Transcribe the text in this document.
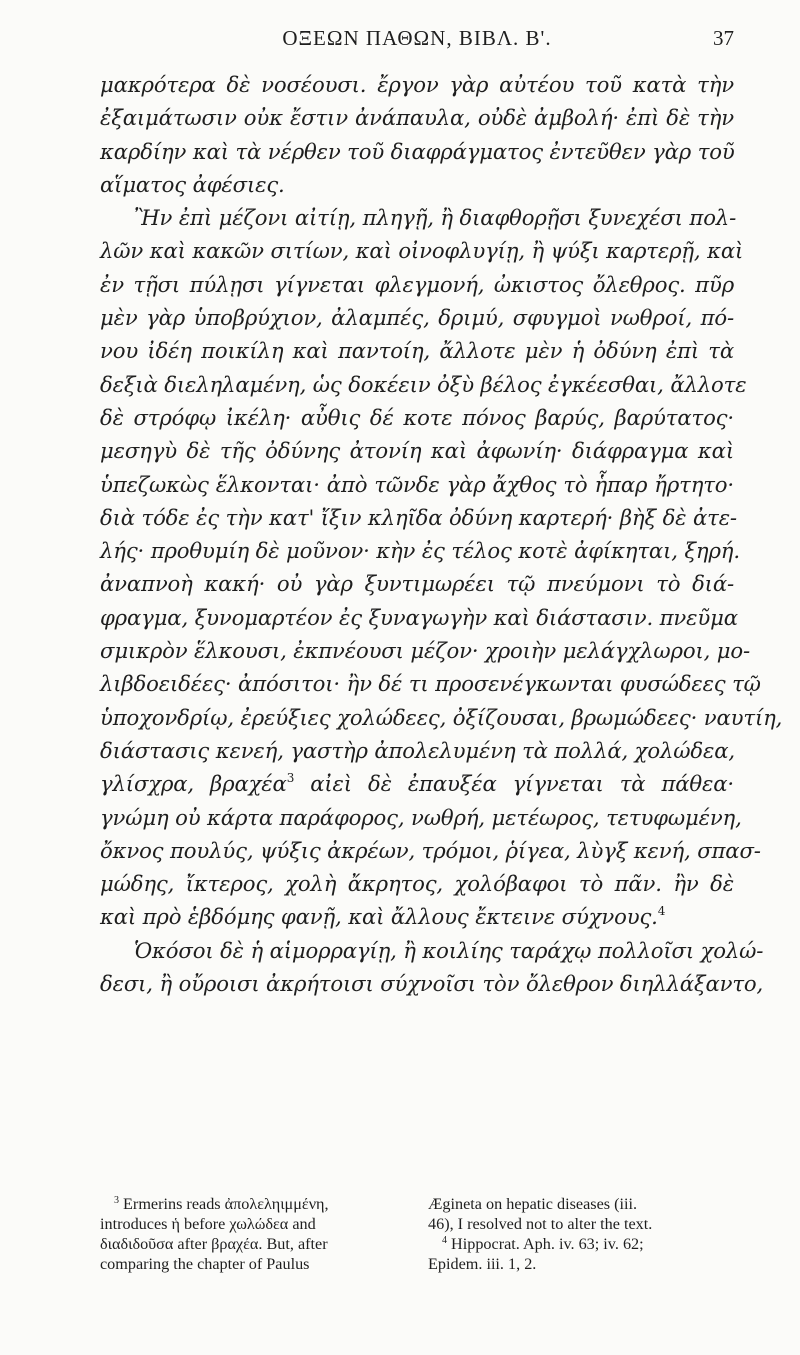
ΟΞΕΩΝ ΠΑΘΩΝ, ΒΙΒΛ. Β'.	37
μακρότερα δὲ νοσέουσι. ἔργον γὰρ αὐτέου τοῦ κατὰ τὴν
ἐξαιμάτωσιν οὐκ ἔστιν ἀνάπαυλα, οὐδὲ ἀμβολή· ἐπὶ δὲ τὴν
καρδίην καὶ τὰ νέρθεν τοῦ διαφράγματος ἐντεῦθεν γὰρ τοῦ
αἵματος ἀφέσιες.
Ἢν ἐπὶ μέζονι αἰτίῃ, πληγῇ, ἢ διαφθορῇσι ξυνεχέσι πολ-
λῶν καὶ κακῶν σιτίων, καὶ οἰνοφλυγίῃ, ἢ ψύξι καρτερῇ, καὶ
ἐν τῇσι πύλῃσι γίγνεται φλεγμονή, ὠκιστος ὄλεθρος. πῦρ
μὲν γὰρ ὑποβρύχιον, ἀλαμπές, δριμύ, σφυγμοὶ νωθροί, πό-
νου ἰδέη ποικίλη καὶ παντοίη, ἄλλοτε μὲν ἡ ὀδύνη ἐπὶ τὰ
δεξιὰ διεληλαμένη, ὡς δοκέειν ὀξὺ βέλος ἐγκέεσθαι, ἄλλοτε
δὲ στρόφῳ ἰκέλη· αὖθις δέ κοτε πόνος βαρύς, βαρύτατος·
μεσηγὺ δὲ τῆς ὀδύνης ἀτονίη καὶ ἀφωνίη· διάφραγμα καὶ
ὑπεζωκὼς ἕλκονται· ἀπὸ τῶνδε γὰρ ἄχθος τὸ ἧπαρ ἤρτητο·
διὰ τόδε ἐς τὴν κατ' ἴξιν κληῖδα ὀδύνη καρτερή· βὴξ δὲ ἀτε-
λής· προθυμίη δὲ μοῦνον· κὴν ἐς τέλος κοτὲ ἀφίκηται, ξηρή.
ἀναπνοὴ κακή· οὐ γὰρ ξυντιμωρέει τῷ πνεύμονι τὸ διά-
φραγμα, ξυνομαρτέον ἐς ξυναγωγὴν καὶ διάστασιν. πνεῦμα
σμικρὸν ἕλκουσι, ἐκπνέουσι μέζον· χροιὴν μελάγχλωροι, μο-
λιβδοειδέες· ἀπόσιτοι· ἢν δέ τι προσενέγκωνται φυσώδεες τῷ
ὑποχονδρίῳ, ἐρεύξιες χολώδεες, ὀξίζουσαι, βρωμώδεες· ναυτίη,
διάστασις κενεή, γαστὴρ ἀπολελυμένη τὰ πολλά, χολώδεα,
γλίσχρα, βραχέα$^3$ αἰεὶ δὲ ἐπαυξέα γίγνεται τὰ πάθεα·
γνώμη οὐ κάρτα παράφορος, νωθρή, μετέωρος, τετυφωμένη,
ὄκνος πουλύς, ψύξις ἀκρέων, τρόμοι, ῥίγεα, λὺγξ κενή, σπασ-
μώδης, ἴκτερος, χολὴ ἄκρητος, χολόβαφοι τὸ πᾶν. ἢν δὲ
καὶ πρὸ ἑβδόμης φανῇ, καὶ ἄλλους ἔκτεινε σύχνους.$^4$
Ὁκόσοι δὲ ἡ αἱμορραγίῃ, ἢ κοιλίης ταράχῳ πολλοῖσι χολώ-
δεσι, ἢ οὔροισι ἀκρήτοισι σύχνοῖσι τὸν ὄλεθρον διηλλάξαντο,
$^3$ Ermerins reads ἀπολεληιμμένη,
introduces ἡ before χωλώδεα and
διαδιδοῦσα after βραχέα. But, after
comparing the chapter of Paulus
Ægineta on hepatic diseases (iii.
46), I resolved not to alter the text.
$^4$ Hippocrat. Aph. iv. 63; iv. 62;
Epidem. iii. 1, 2.
